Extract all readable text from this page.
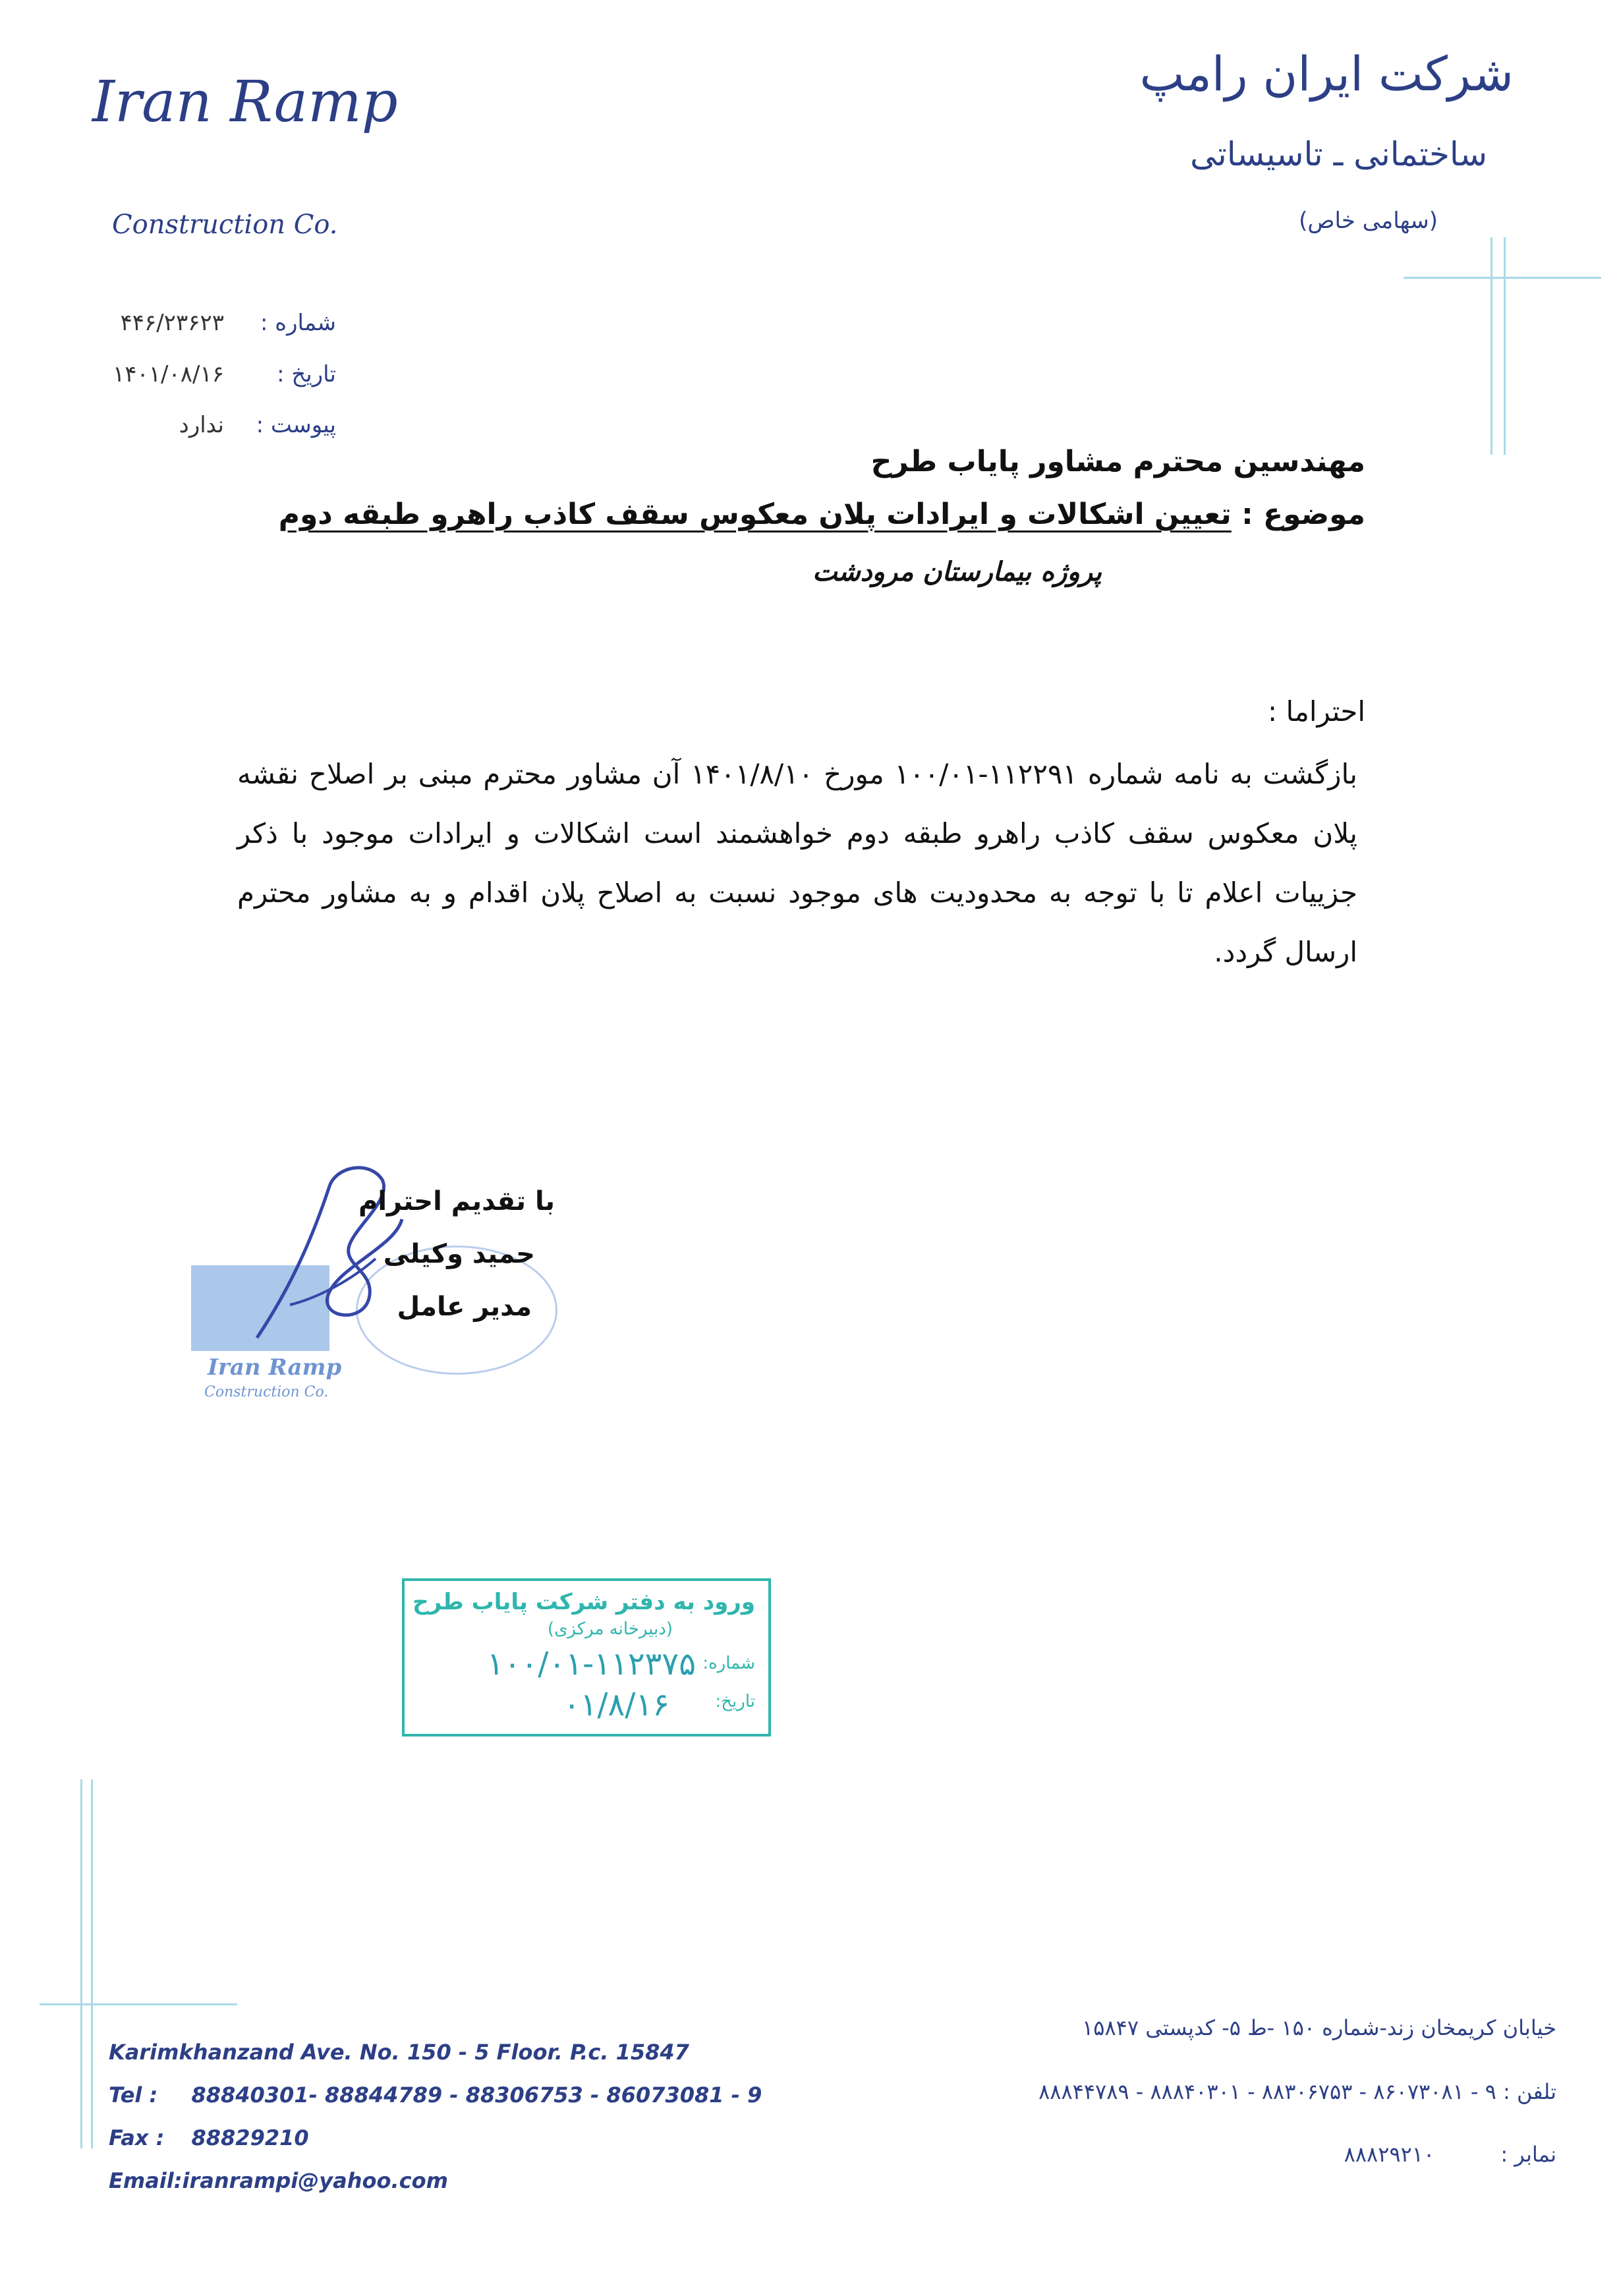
شرکت ایران رامپ
ساختمانی ـ تاسیساتی
(سهامی خاص)
Iran Ramp
Construction Co.
شماره :
۴۴۶/۲۳۶۲۳
تاریخ :
۱۴۰۱/۰۸/۱۶
پیوست :
ندارد
مهندسین محترم مشاور پایاب طرح
موضوع : تعیین اشکالات و ایرادات پلان معکوس سقف کاذب راهرو طبقه دوم
پروژه بیمارستان مرودشت
احتراما :
بازگشت به نامه شماره ۱۱۲۲۹۱-۱۰۰/۰۱ مورخ ۱۴۰۱/۸/۱۰ آن مشاور محترم مبنی بر اصلاح نقشه پلان معکوس سقف کاذب راهرو طبقه دوم خواهشمند است اشکالات و ایرادات موجود با ذکر جزییات اعلام تا با توجه به محدودیت های موجود نسبت به اصلاح پلان اقدام و به مشاور محترم ارسال گردد.
Iran Ramp
Construction Co.
با تقدیم احترام
حمید وکیلی
مدیر عامل
ورود به دفتر شرکت پایاب طرح
(دبیرخانه مرکزی)
شماره:
۱۰۰/۰۱-۱۱۲۳۷۵
تاریخ:
۰۱/۸/۱۶
Karimkhanzand Ave. No. 150 - 5 Floor. P.c. 15847
Tel : 88840301- 88844789 - 88306753 - 86073081 - 9
Fax : 88829210
Email:iranrampi@yahoo.com
خیابان کریمخان زند-شماره ۱۵۰ -ط ۵- کدپستی ۱۵۸۴۷
تلفن : ۹ - ۸۶۰۷۳۰۸۱ - ۸۸۳۰۶۷۵۳ - ۸۸۸۴۰۳۰۱ - ۸۸۸۴۴۷۸۹
نمابر : ۸۸۸۲۹۲۱۰
